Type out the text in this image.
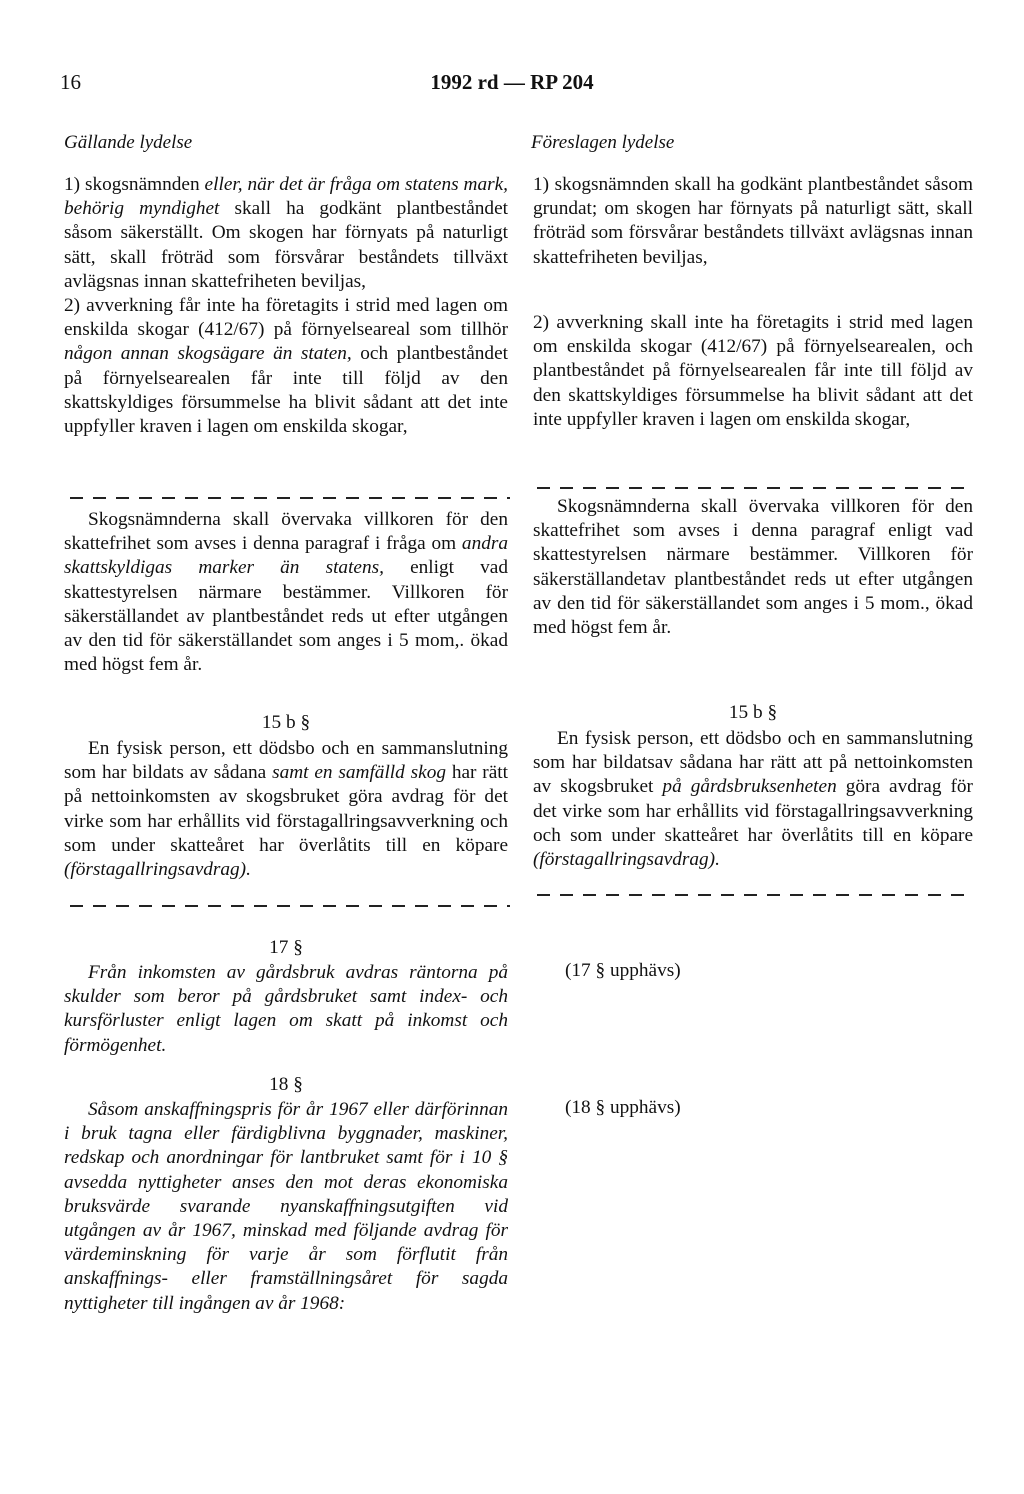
16	1992 rd — RP 204
Gällande lydelse	Föreslagen lydelse

1) skogsnämnden eller, när det är fråga om statens mark, behörig myndighet skall ha godkänt plantbeståndet såsom säkerställt. Om skogen har förnyats på naturligt sätt, skall fröträd som försvårar beståndets tillväxt avlägsnas innan skattefriheten beviljas,

2) avverkning får inte ha företagits i strid med lagen om enskilda skogar (412/67) på förnyelseareal som tillhör någon annan skogsägare än staten, och plantbeståndet på förnyelsearealen får inte till följd av den skattskyldiges försummelse ha blivit sådant att det inte uppfyller kraven i lagen om enskilda skogar,

Skogsnämnderna skall övervaka villkoren för den skattefrihet som avses i denna paragraf i fråga om andra skattskyldigas marker än statens, enligt vad skattestyrelsen närmare bestämmer. Villkoren för säkerställandet av plantbeståndet reds ut efter utgången av den tid för säkerställandet som anges i 5 mom,. ökad med högst fem år.

15 b §

En fysisk person, ett dödsbo och en sammanslutning som har bildats av sådana samt en samfälld skog har rätt på nettoinkomsten av skogsbruket göra avdrag för det virke som har erhållits vid förstagallringsavverkning och som under skatteåret har överlåtits till en köpare (förstagallringsavdrag).

1) skogsnämnden skall ha godkänt plantbeståndet såsom grundat; om skogen har förnyats på naturligt sätt, skall fröträd som försvårar beståndets tillväxt avlägsnas innan skattefriheten beviljas,

2) avverkning skall inte ha företagits i strid med lagen om enskilda skogar (412/67) på förnyelsearealen, och plantbeståndet på förnyelsearealen får inte till följd av den skattskyldiges försummelse ha blivit sådant att det inte uppfyller kraven i lagen om enskilda skogar,

Skogsnämnderna skall övervaka villkoren för den skattefrihet som avses i denna paragraf enligt vad skattestyrelsen närmare bestämmer. Villkoren för säkerställandetav plantbeståndet reds ut efter utgången av den tid för säkerställandet som anges i 5 mom., ökad med högst fem år.

15 b §

En fysisk person, ett dödsbo och en sammanslutning som har bildatsav sådana har rätt att på nettoinkomsten av skogsbruket på gårdsbruksenheten göra avdrag för det virke som har erhållits vid förstagallringsavverkning och som under skatteåret har överlåtits till en köpare (förstagallringsavdrag).

17 §

Från inkomsten av gårdsbruk avdras räntorna på skulder som beror på gårdsbruket samt index- och kursförluster enligt lagen om skatt på inkomst och förmögenhet.

(17 § upphävs)
18 §

Såsom anskaffningspris för år 1967 eller därförinnan i bruk tagna eller färdigblivna byggnader, maskiner, redskap och anordningar för lantbruket samt för i 10 § avsedda nyttigheter anses den mot deras ekonomiska bruksvärde svarande nyanskaffningsutgiften vid utgången av år 1967, minskad med följande avdrag för värdeminskning för varje år som förflutit från anskaffnings- eller framställningsåret för sagda nyttigheter till ingången av år 1968:

(18 § upphävs)
